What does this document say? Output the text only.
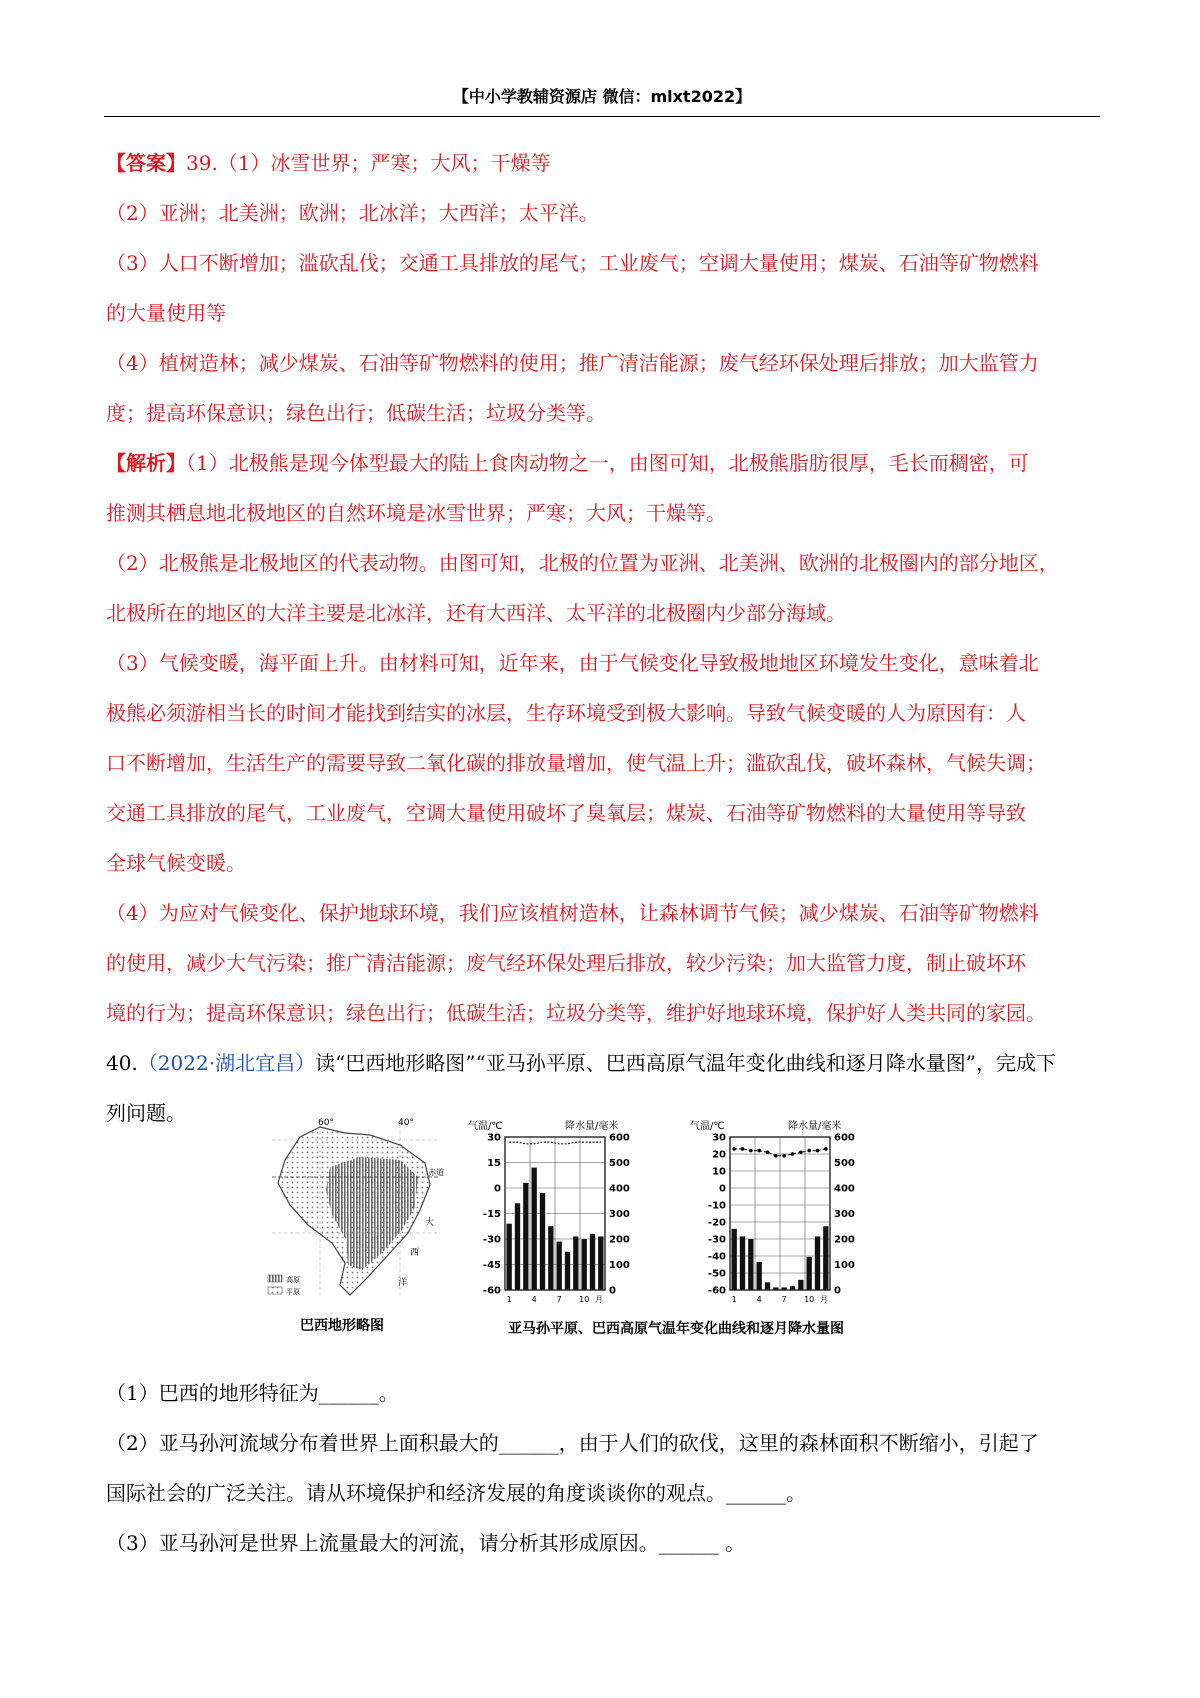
【中小学教辅资源店 微信：mlxt2022】

【答案】39.（1）冰雪世界；严寒；大风；干燥等

（2）亚洲；北美洲；欧洲；北冰洋；大西洋；太平洋。

（3）人口不断增加；滥砍乱伐；交通工具排放的尾气；工业废气；空调大量使用；煤炭、石油等矿物燃料

的大量使用等

（4）植树造林；减少煤炭、石油等矿物燃料的使用；推广清洁能源；废气经环保处理后排放；加大监管力

度；提高环保意识；绿色出行；低碳生活；垃圾分类等。

【解析】（1）北极熊是现今体型最大的陆上食肉动物之一，由图可知，北极熊脂肪很厚，毛长而稠密，可

推测其栖息地北极地区的自然环境是冰雪世界；严寒；大风；干燥等。

（2）北极熊是北极地区的代表动物。由图可知，北极的位置为亚洲、北美洲、欧洲的北极圈内的部分地区，

北极所在的地区的大洋主要是北冰洋，还有大西洋、太平洋的北极圈内少部分海域。

（3）气候变暖，海平面上升。由材料可知，近年来，由于气候变化导致极地地区环境发生变化，意味着北

极熊必须游相当长的时间才能找到结实的冰层，生存环境受到极大影响。导致气候变暖的人为原因有：人

口不断增加，生活生产的需要导致二氧化碳的排放量增加，使气温上升；滥砍乱伐，破坏森林，气候失调；

交通工具排放的尾气，工业废气，空调大量使用破坏了臭氧层；煤炭、石油等矿物燃料的大量使用等导致

全球气候变暖。

（4）为应对气候变化、保护地球环境，我们应该植树造林，让森林调节气候；减少煤炭、石油等矿物燃料

的使用，减少大气污染；推广清洁能源；废气经环保处理后排放，较少污染；加大监管力度，制止破坏环

境的行为；提高环保意识；绿色出行；低碳生活；垃圾分类等，维护好地球环境，保护好人类共同的家园。

40.（2022·湖北宜昌）读“巴西地形略图”“亚马孙平原、巴西高原气温年变化曲线和逐月降水量图”，完成下

列问题。	60°	40°
赤道
大
西
洋
高原
平原
巴西地形略图
气温/℃	降水量/毫米
30
15
0
-15
-30
-45
-60
600
500
400
300
200
100
0
1 4 7 10 月
气温/℃	降水量/毫米
30
20
10
0
-10
-20
-30
-40
-50
-60
600
500
400
300
200
100
0
1 4 7 10 月
亚马孙平原、巴西高原气温年变化曲线和逐月降水量图
（1）巴西的地形特征为______。
（2）亚马孙河流域分布着世界上面积最大的______，由于人们的砍伐，这里的森林面积不断缩小，引起了
国际社会的广泛关注。请从环境保护和经济发展的角度谈谈你的观点。______。
（3）亚马孙河是世界上流量最大的河流，请分析其形成原因。______ 。
